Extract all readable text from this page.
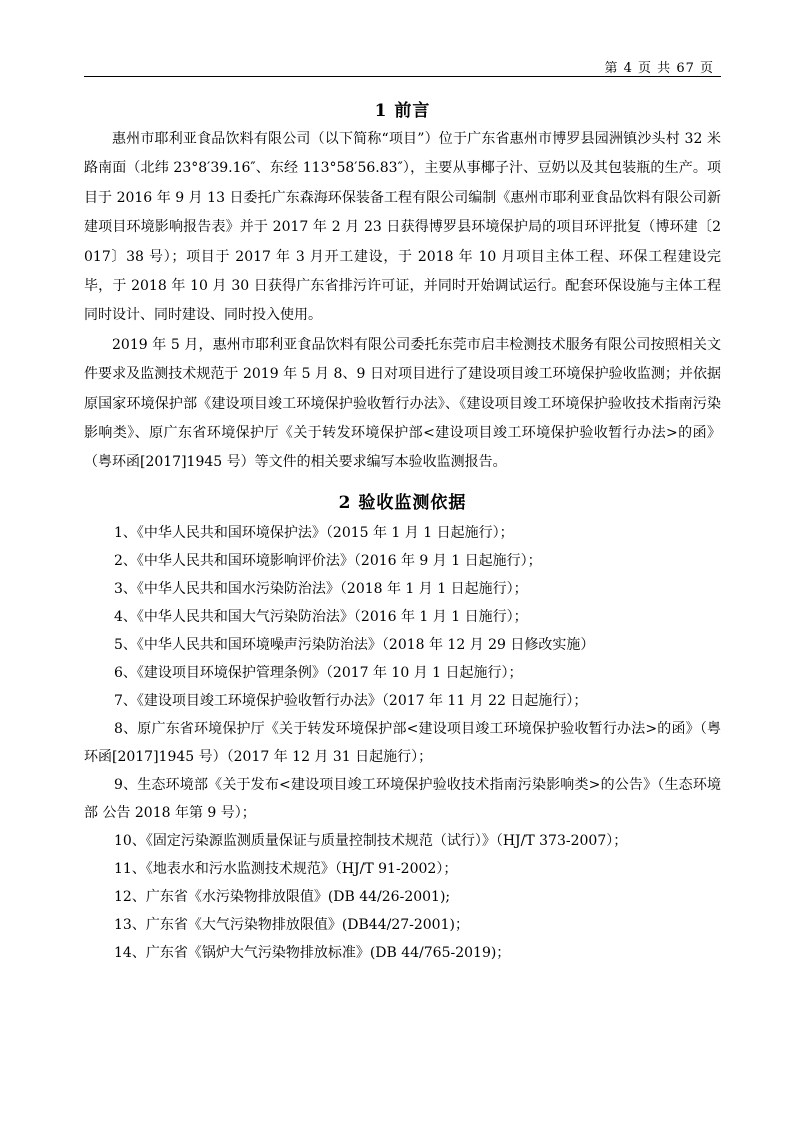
第 4 页 共 67 页
1 前言

惠州市耶利亚食品饮料有限公司（以下简称“项目”）位于广东省惠州市博罗县园洲镇沙头村 32 米路南面（北纬 23°8′39.16″、东经 113°58′56.83″），主要从事椰子汁、豆奶以及其包装瓶的生产。项目于 2016 年 9 月 13 日委托广东森海环保装备工程有限公司编制《惠州市耶利亚食品饮料有限公司新建项目环境影响报告表》并于 2017 年 2 月 23 日获得博罗县环境保护局的项目环评批复（博环建〔2017〕38 号）；项目于 2017 年 3 月开工建设，于 2018 年 10 月项目主体工程、环保工程建设完毕，于 2018 年 10 月 30 日获得广东省排污许可证，并同时开始调试运行。配套环保设施与主体工程同时设计、同时建设、同时投入使用。

2019 年 5 月，惠州市耶利亚食品饮料有限公司委托东莞市启丰检测技术服务有限公司按照相关文件要求及监测技术规范于 2019 年 5 月 8、9 日对项目进行了建设项目竣工环境保护验收监测；并依据原国家环境保护部《建设项目竣工环境保护验收暂行办法》、《建设项目竣工环境保护验收技术指南污染影响类》、原广东省环境保护厅《关于转发环境保护部<建设项目竣工环境保护验收暂行办法>的函》（粤环函[2017]1945 号）等文件的相关要求编写本验收监测报告。

2 验收监测依据
1、《中华人民共和国环境保护法》（2015 年 1 月 1 日起施行）；
2、《中华人民共和国环境影响评价法》（2016 年 9 月 1 日起施行）；
3、《中华人民共和国水污染防治法》（2018 年 1 月 1 日起施行）；
4、《中华人民共和国大气污染防治法》（2016 年 1 月 1 日施行）；
5、《中华人民共和国环境噪声污染防治法》（2018 年 12 月 29 日修改实施）
6、《建设项目环境保护管理条例》（2017 年 10 月 1 日起施行）；
7、《建设项目竣工环境保护验收暂行办法》（2017 年 11 月 22 日起施行）；
8、原广东省环境保护厅《关于转发环境保护部<建设项目竣工环境保护验收暂行办法>的函》（粤环函[2017]1945 号）（2017 年 12 月 31 日起施行）；
9、生态环境部《关于发布<建设项目竣工环境保护验收技术指南污染影响类>的公告》（生态环境部 公告 2018 年第 9 号）；
10、《固定污染源监测质量保证与质量控制技术规范（试行）》（HJ/T 373-2007）；
11、《地表水和污水监测技术规范》（HJ/T 91-2002）；
12、广东省《水污染物排放限值》(DB 44/26-2001);
13、广东省《大气污染物排放限值》(DB44/27-2001)；
14、广东省《锅炉大气污染物排放标准》(DB 44/765-2019)；
